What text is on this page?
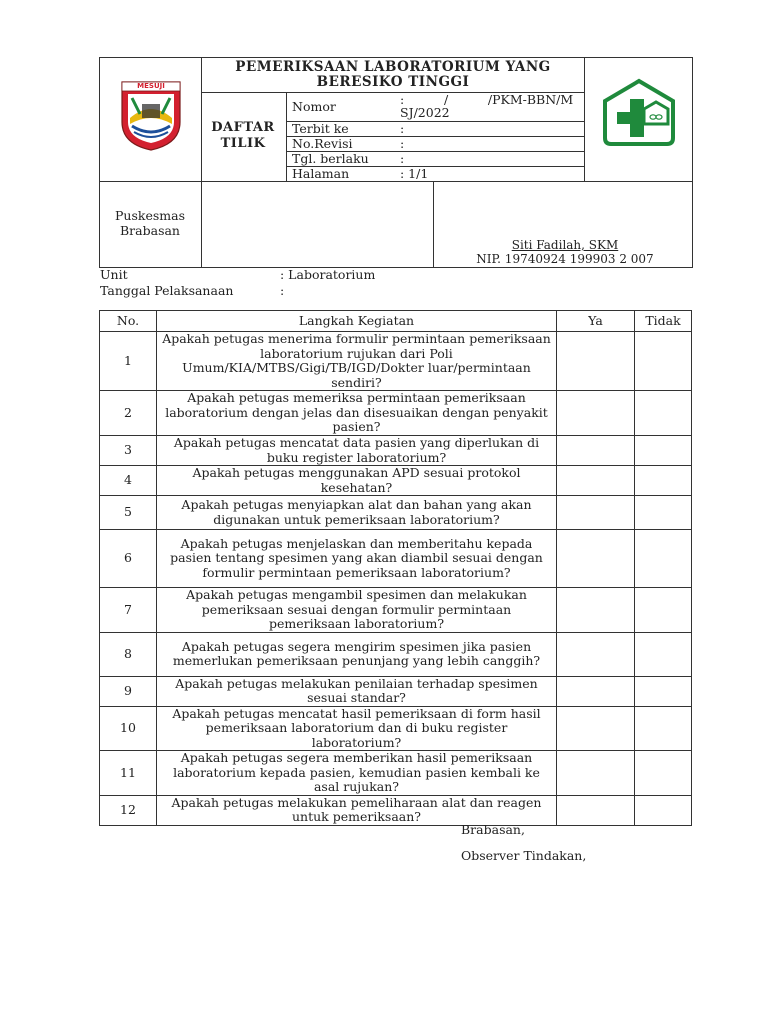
MESUJI
PEMERIKSAAN LABORATORIUM YANG BERESIKO TINGGI
DAFTAR TILIK
Nomor	:          /          /PKM-BBN/MSJ/2022
Terbit ke	:
No.Revisi	:
Tgl. berlaku	:
Halaman	: 1/1
Puskesmas Brabasan
Siti Fadilah, SKM
NIP. 19740924 199903 2 007
Unit	: Laboratorium
Tanggal Pelaksanaan	:
No.	Langkah Kegiatan	Ya	Tidak
1	Apakah petugas menerima formulir permintaan pemeriksaan laboratorium rujukan dari Poli Umum/KIA/MTBS/Gigi/TB/IGD/Dokter luar/permintaan sendiri?		
2	Apakah petugas memeriksa permintaan pemeriksaan laboratorium dengan jelas dan disesuaikan dengan penyakit pasien?		
3	Apakah petugas mencatat data pasien yang diperlukan di buku register laboratorium?		
4	Apakah petugas menggunakan APD sesuai protokol kesehatan?		
5	Apakah petugas menyiapkan alat dan bahan yang akan digunakan untuk pemeriksaan laboratorium?		
6	Apakah petugas menjelaskan dan memberitahu kepada pasien tentang spesimen yang akan diambil sesuai dengan formulir permintaan pemeriksaan laboratorium?		
7	Apakah petugas mengambil spesimen dan melakukan pemeriksaan sesuai dengan formulir permintaan pemeriksaan laboratorium?		
8	Apakah petugas segera mengirim spesimen jika pasien memerlukan pemeriksaan penunjang yang lebih canggih?		
9	Apakah petugas melakukan penilaian terhadap spesimen sesuai standar?		
10	Apakah petugas mencatat hasil pemeriksaan di form hasil pemeriksaan laboratorium dan di buku register laboratorium?		
11	Apakah petugas segera memberikan hasil pemeriksaan laboratorium kepada pasien, kemudian pasien kembali ke asal rujukan?		
12	Apakah petugas melakukan pemeliharaan alat dan reagen untuk pemeriksaan?		
Brabasan,
Observer Tindakan,
